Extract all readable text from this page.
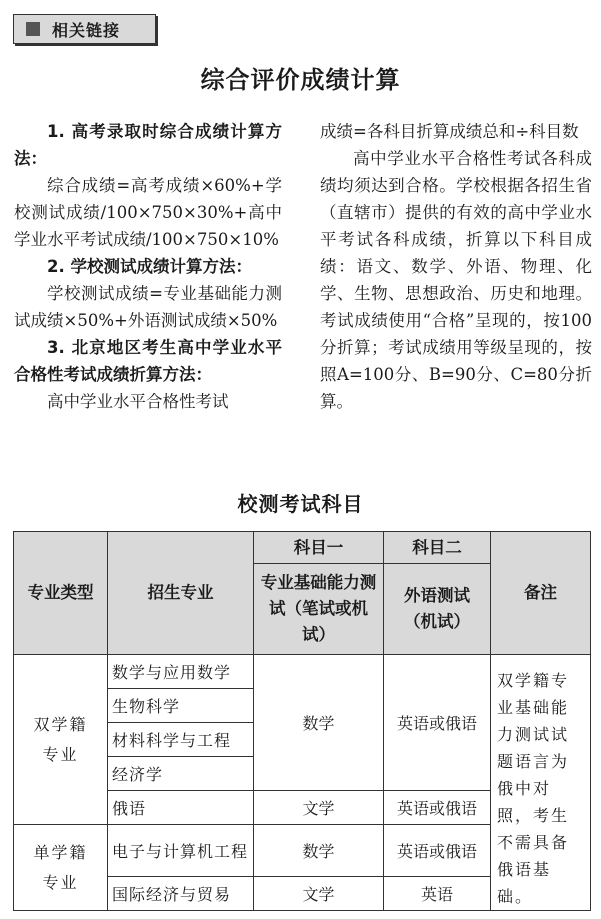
相关链接
综合评价成绩计算

1. 高考录取时综合成绩计算方法：

综合成绩=高考成绩×60%+学校测试成绩/100×750×30%+高中学业水平考试成绩/100×750×10%

2. 学校测试成绩计算方法：

学校测试成绩=专业基础能力测试成绩×50%+外语测试成绩×50%

3. 北京地区考生高中学业水平合格性考试成绩折算方法：

高中学业水平合格性考试

成绩=各科目折算成绩总和÷科目数

高中学业水平合格性考试各科成绩均须达到合格。学校根据各招生省（直辖市）提供的有效的高中学业水平考试各科成绩，折算以下科目成绩：语文、数学、外语、物理、化学、生物、思想政治、历史和地理。考试成绩使用“合格”呈现的，按100分折算；考试成绩用等级呈现的，按照A=100分、B=90分、C=80分折算。

校测考试科目
专业类型	招生专业	科目一	科目二	备注
		专业基础能力测试（笔试或机试）	外语测试（机试）	
双学籍专业	数学与应用数学	数学	英语或俄语	双学籍专业基础能力测试试题语言为俄中对照，考生不需具备俄语基础。
	生物科学			
	材料科学与工程			
	经济学			
	俄语	文学	英语或俄语	
单学籍专业	电子与计算机工程	数学	英语或俄语	
	国际经济与贸易	文学	英语	
